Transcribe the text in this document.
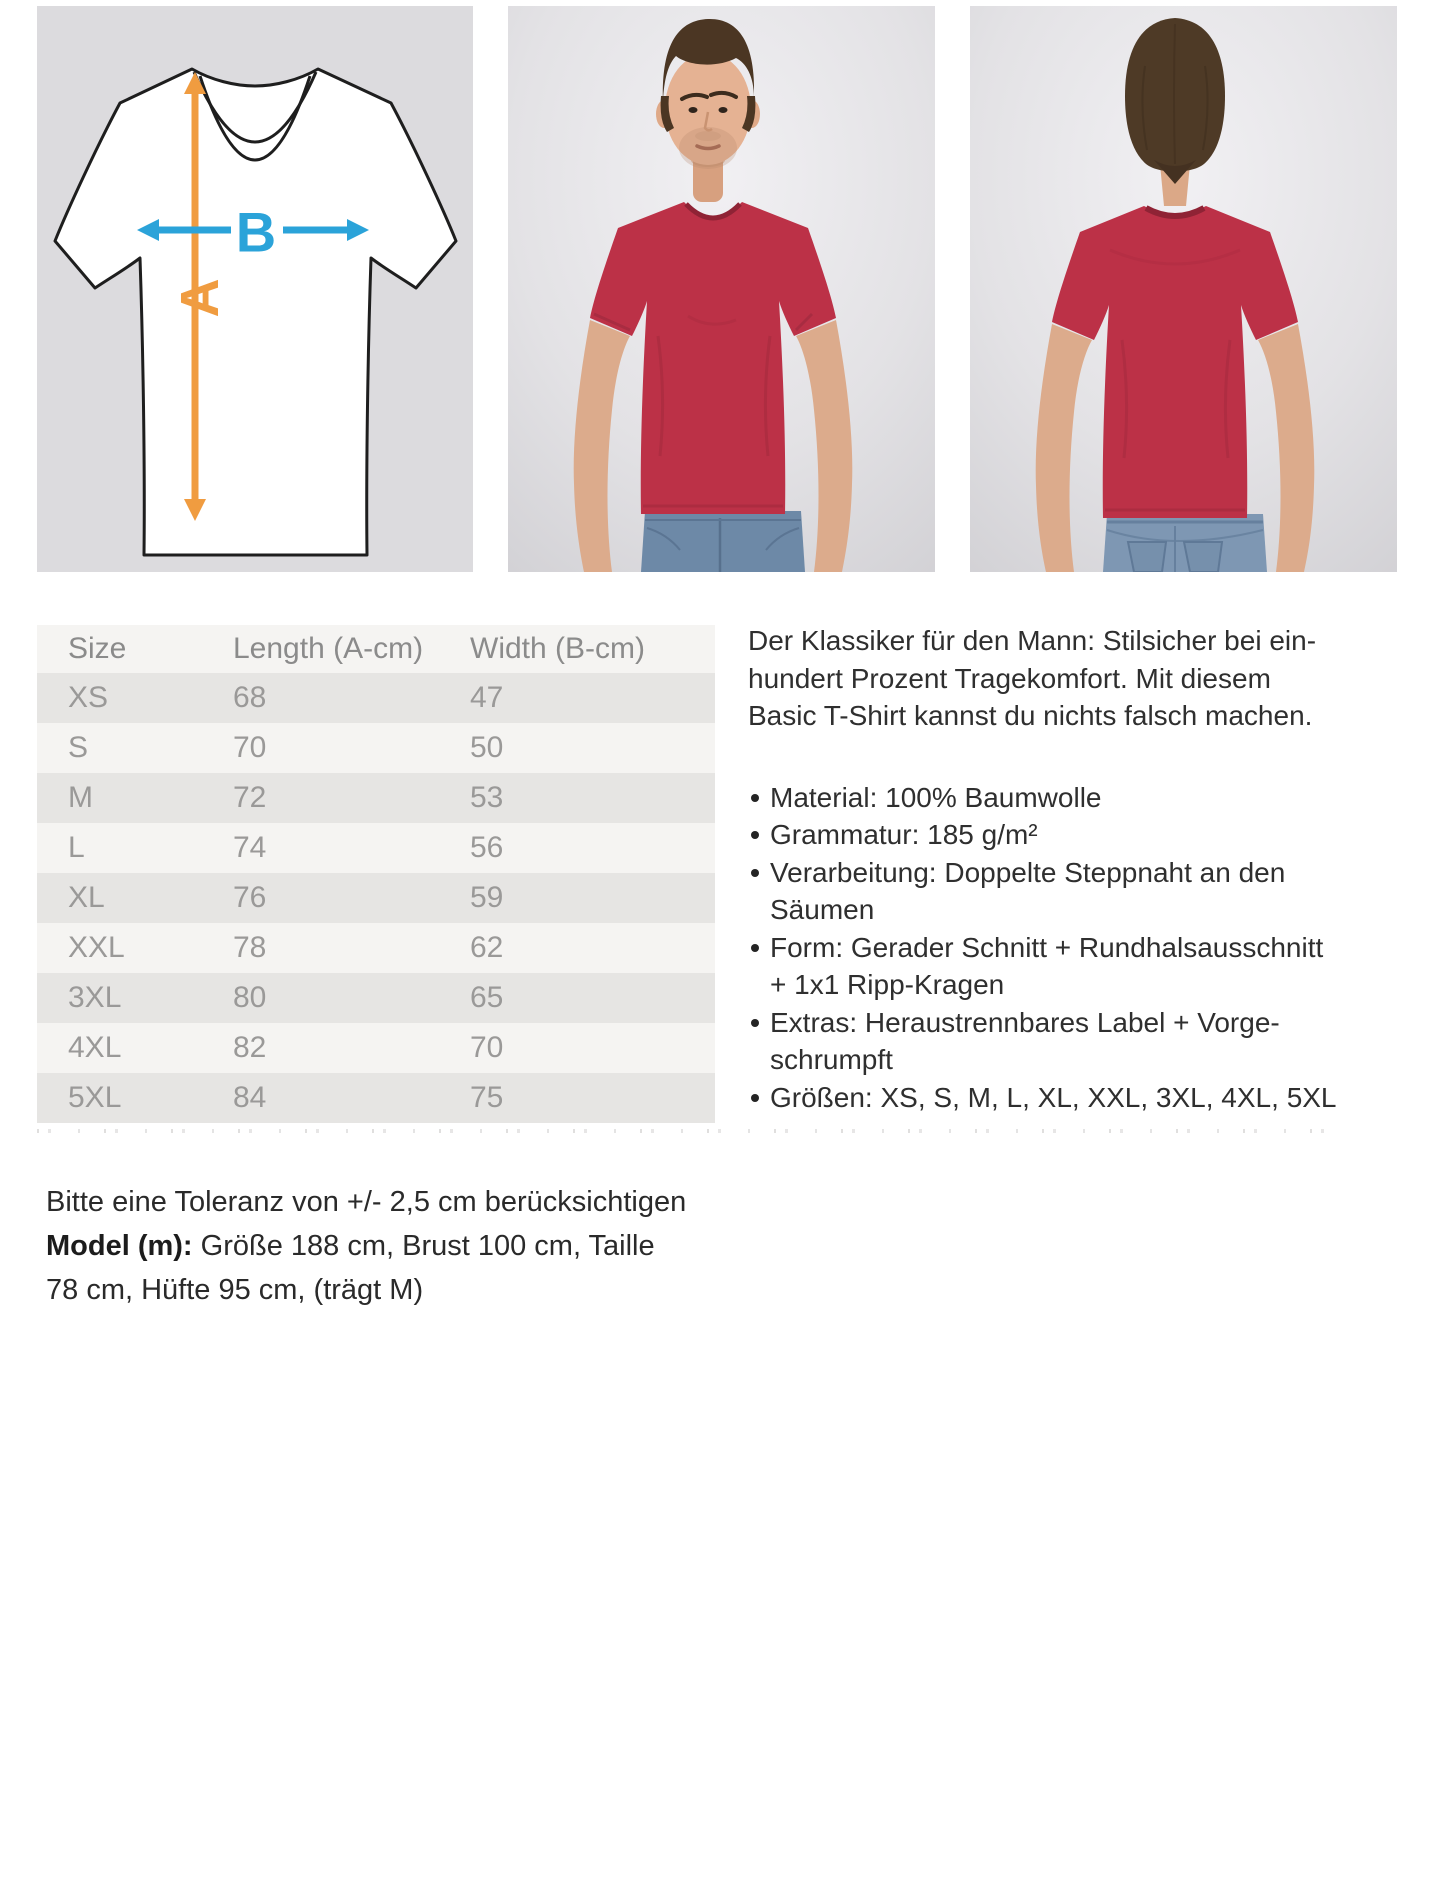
A
B
Size	Length (A-cm)	Width (B-cm)
XS	68	47
S	70	50
M	72	53
L	74	56
XL	76	59
XXL	78	62
3XL	80	65
4XL	82	70
5XL	84	75
Der Klassiker für den Mann: Stilsicher bei ein-
hundert Prozent Tragekomfort. Mit diesem
Basic T-Shirt kannst du nichts falsch machen.
Material: 100% Baumwolle
Grammatur: 185 g/m²
Verarbeitung: Doppelte Steppnaht an den
Säumen
Form: Gerader Schnitt + Rundhalsausschnitt
+ 1x1 Ripp-Kragen
Extras: Heraustrennbares Label + Vorge-
schrumpft
Größen: XS, S, M, L, XL, XXL, 3XL, 4XL, 5XL
Bitte eine Toleranz von +/- 2,5 cm berücksichtigen
Model (m): Größe 188 cm, Brust 100 cm, Taille
78 cm, Hüfte 95 cm, (trägt M)
